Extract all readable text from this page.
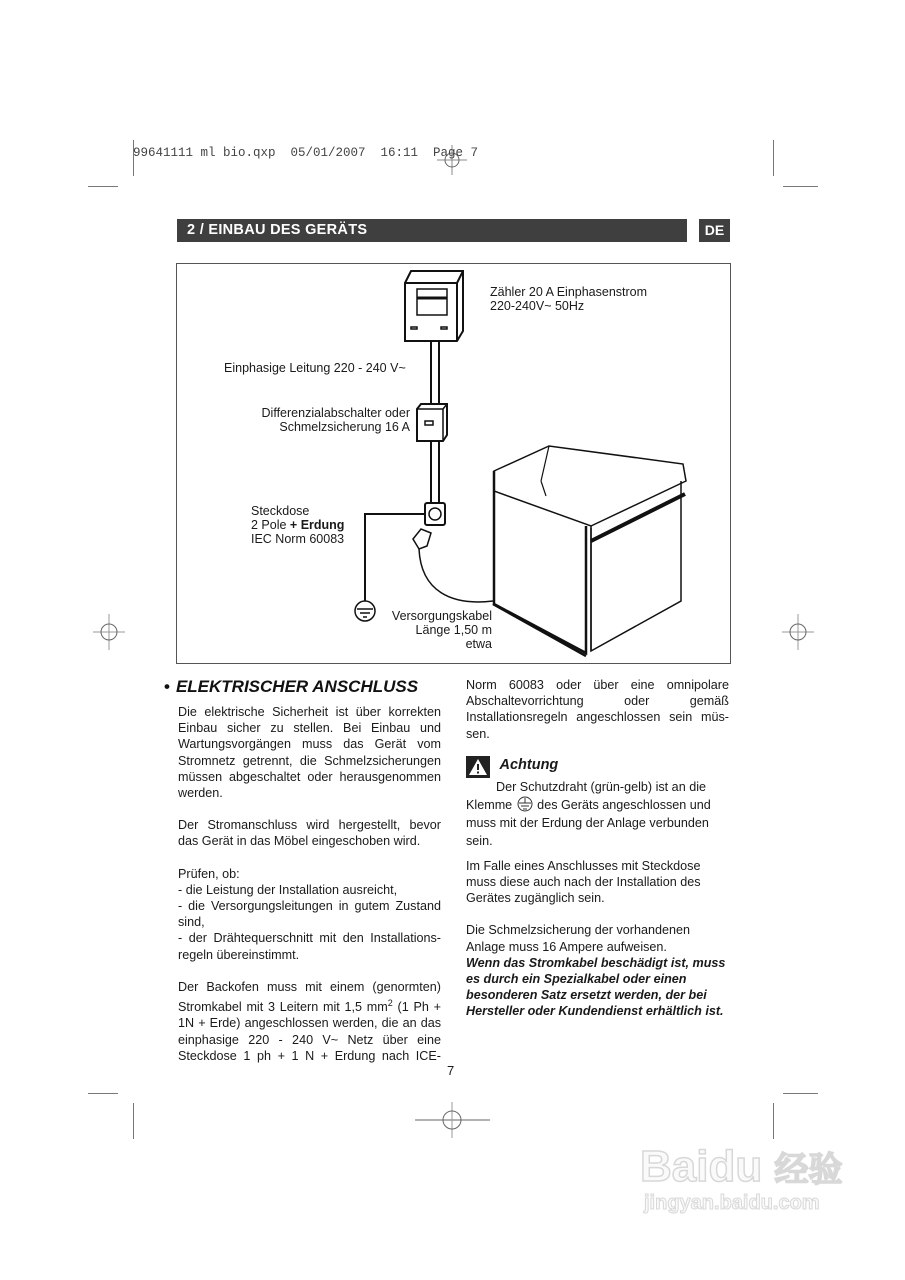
99641111 ml bio.qxp  05/01/2007  16:11  Page 7
2 / EINBAU DES GERÄTS	DE
Zähler 20 A Einphasenstrom
220-240V~ 50Hz
Einphasige Leitung 220 - 240 V~
Differenzialabschalter oder
Schmelzsicherung 16 A
Steckdose
2 Pole + Erdung
IEC Norm 60083
Versorgungskabel
Länge 1,50 m
etwa
• ELEKTRISCHER ANSCHLUSS

Die elektrische Sicherheit ist über korrekten Einbau sicher zu stellen. Bei Einbau und Wartungsvorgängen muss das Gerät vom Stromnetz getrennt, die Schmelzsicherungen müssen abgeschaltet oder herausgenommen werden.

Der Stromanschluss wird hergestellt, bevor das Gerät in das Möbel eingeschoben wird.

Prüfen, ob:
- die Leistung der Installation ausreicht,
- die Versorgungsleitungen in gutem Zustand sind,
- der Drähtequerschnitt mit den Installations-regeln übereinstimmt.

Der Backofen muss mit einem (genormten) Stromkabel mit 3 Leitern mit 1,5 $mm^2$ (1 Ph + 1N + Erde) angeschlossen werden, die an das einphasige 220 - 240 V~ Netz über eine Steckdose 1 ph + 1 N + Erdung nach ICE-

Norm 60083 oder über eine omnipolare Abschaltevorrichtung oder gemäß Installationsregeln angeschlossen sein müs-sen.

Achtung
Der Schutzdraht (grün-gelb) ist an die
Klemme  des Geräts angeschlossen und muss mit der Erdung der Anlage verbunden sein.

Im Falle eines Anschlusses mit Steckdose muss diese auch nach der Installation des Gerätes zugänglich sein.

Die Schmelzsicherung der vorhandenen Anlage muss 16 Ampere aufweisen.
Wenn das Stromkabel beschädigt ist, muss es durch ein Spezialkabel oder einen besonderen Satz ersetzt werden, der bei Hersteller oder Kundendienst erhältlich ist.

7
Baidu 经验
jingyan.baidu.com
